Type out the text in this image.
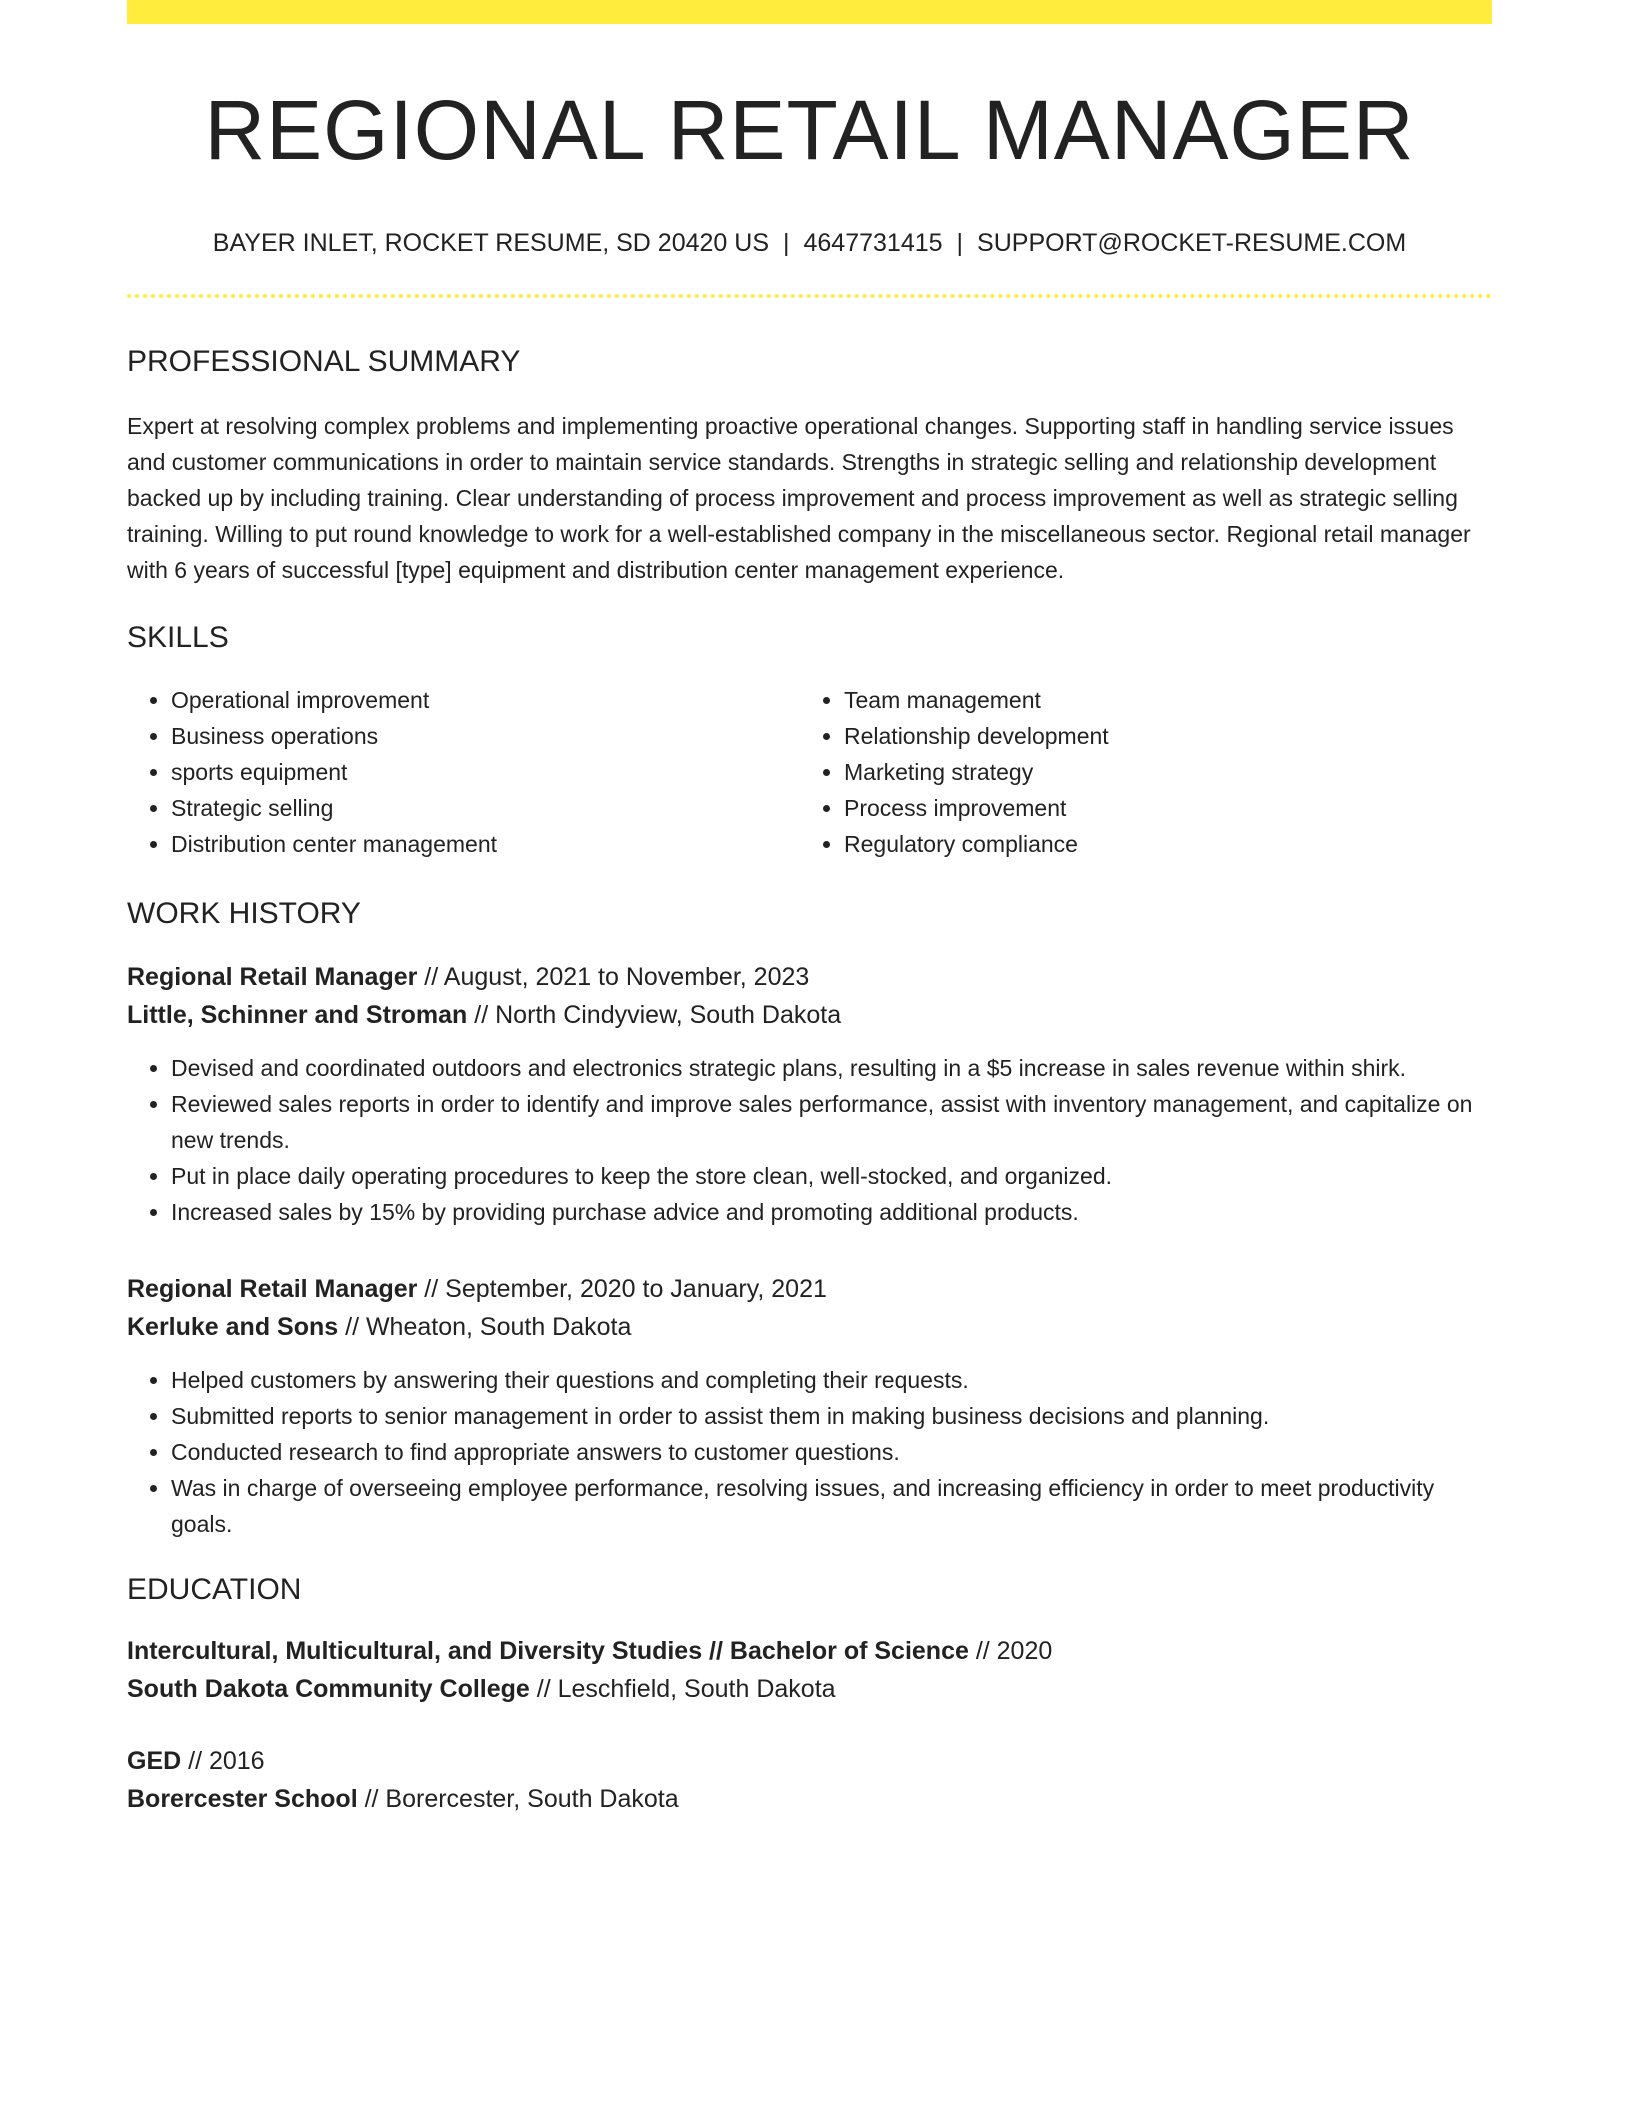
REGIONAL RETAIL MANAGER
BAYER INLET, ROCKET RESUME, SD 20420 US | 4647731415 | SUPPORT@ROCKET-RESUME.COM
PROFESSIONAL SUMMARY

Expert at resolving complex problems and implementing proactive operational changes. Supporting staff in handling service issues and customer communications in order to maintain service standards. Strengths in strategic selling and relationship development backed up by including training. Clear understanding of process improvement and process improvement as well as strategic selling training. Willing to put round knowledge to work for a well-established company in the miscellaneous sector. Regional retail manager with 6 years of successful [type] equipment and distribution center management experience.

SKILLS
• Operational improvement
• Business operations
• sports equipment
• Strategic selling
• Distribution center management
• Team management
• Relationship development
• Marketing strategy
• Process improvement
• Regulatory compliance
WORK HISTORY
Regional Retail Manager // August, 2021 to November, 2023
Little, Schinner and Stroman // North Cindyview, South Dakota
• Devised and coordinated outdoors and electronics strategic plans, resulting in a $5 increase in sales revenue within shirk.
• Reviewed sales reports in order to identify and improve sales performance, assist with inventory management, and capitalize on new trends.
• Put in place daily operating procedures to keep the store clean, well-stocked, and organized.
• Increased sales by 15% by providing purchase advice and promoting additional products.
Regional Retail Manager // September, 2020 to January, 2021
Kerluke and Sons // Wheaton, South Dakota
• Helped customers by answering their questions and completing their requests.
• Submitted reports to senior management in order to assist them in making business decisions and planning.
• Conducted research to find appropriate answers to customer questions.
• Was in charge of overseeing employee performance, resolving issues, and increasing efficiency in order to meet productivity goals.
EDUCATION
Intercultural, Multicultural, and Diversity Studies // Bachelor of Science // 2020
South Dakota Community College // Leschfield, South Dakota
GED // 2016
Borercester School // Borercester, South Dakota
